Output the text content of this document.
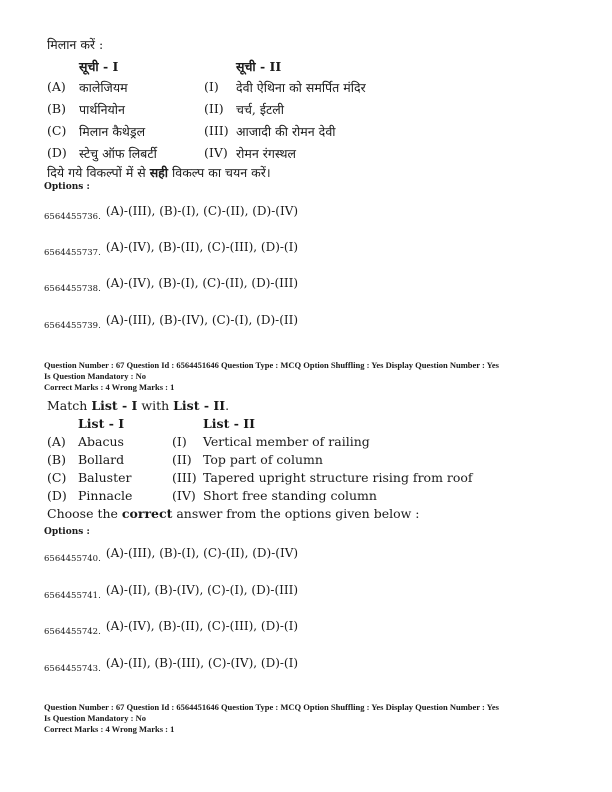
मिलान करें :
सूची - I	सूची - II
(A) कालेजियम	(I) देवी ऐथिना को समर्पित मंदिर
(B) पार्थनियोन	(II) चर्च, ईटली
(C) मिलान कैथेड्रल	(III) आजादी की रोमन देवी
(D) स्टेचु ऑफ लिबर्टी	(IV) रोमन रंगस्थल
दिये गये विकल्पों में से सही विकल्प का चयन करें।
Options :
$_{6564455736.}$ (A)-(III), (B)-(I), (C)-(II), (D)-(IV)
$_{6564455737.}$ (A)-(IV), (B)-(II), (C)-(III), (D)-(I)
$_{6564455738.}$ (A)-(IV), (B)-(I), (C)-(II), (D)-(III)
$_{6564455739.}$ (A)-(III), (B)-(IV), (C)-(I), (D)-(II)
Question Number : 67 Question Id : 6564451646 Question Type : MCQ Option Shuffling : Yes Display Question Number : Yes
Is Question Mandatory : No
Correct Marks : 4 Wrong Marks : 1
Match List - I with List - II.
List - I	List - II
(A) Abacus	(I) Vertical member of railing
(B) Bollard	(II) Top part of column
(C) Baluster	(III) Tapered upright structure rising from roof
(D) Pinnacle	(IV) Short free standing column
Choose the correct answer from the options given below :
Options :
$_{6564455740.}$ (A)-(III), (B)-(I), (C)-(II), (D)-(IV)
$_{6564455741.}$ (A)-(II), (B)-(IV), (C)-(I), (D)-(III)
$_{6564455742.}$ (A)-(IV), (B)-(II), (C)-(III), (D)-(I)
$_{6564455743.}$ (A)-(II), (B)-(III), (C)-(IV), (D)-(I)
Question Number : 67 Question Id : 6564451646 Question Type : MCQ Option Shuffling : Yes Display Question Number : Yes
Is Question Mandatory : No
Correct Marks : 4 Wrong Marks : 1
